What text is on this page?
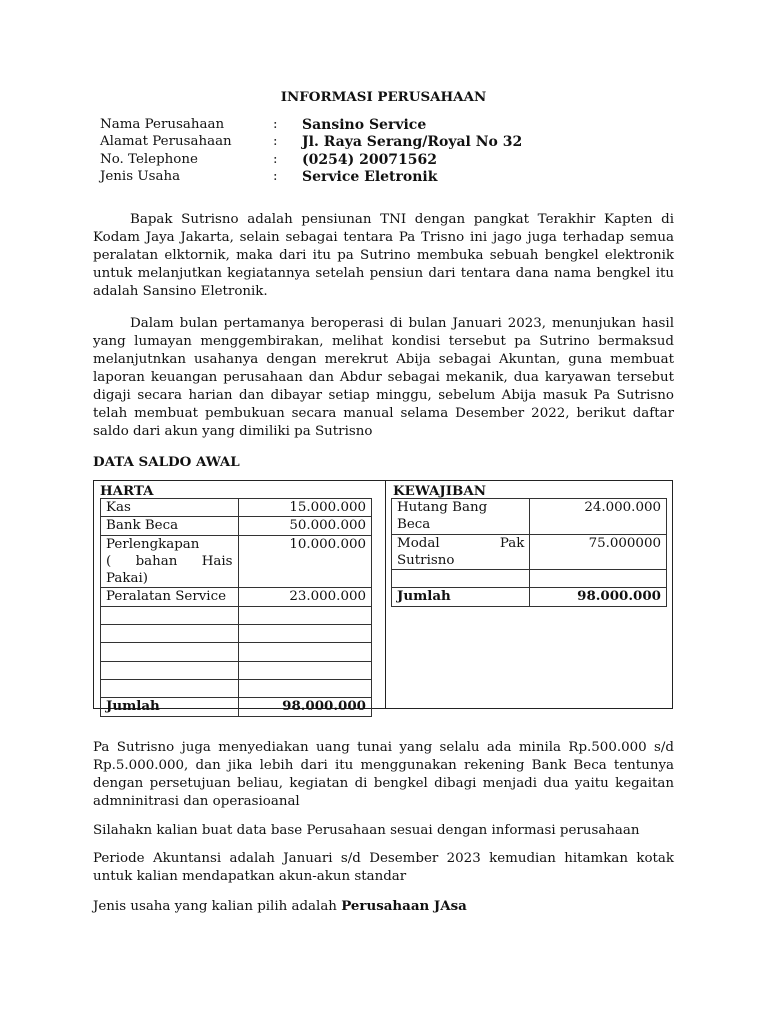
INFORMASI PERUSAHAAN
Nama Perusahaan	:	Sansino Service
Alamat Perusahaan	:	Jl. Raya Serang/Royal No 32
No. Telephone	:	(0254) 20071562
Jenis Usaha	:	Service Eletronik

Bapak Sutrisno adalah pensiunan TNI dengan pangkat Terakhir Kapten di Kodam Jaya Jakarta, selain sebagai tentara Pa Trisno ini jago juga terhadap semua peralatan elktornik, maka dari itu pa Sutrino membuka sebuah bengkel elektronik untuk melanjutkan kegiatannya setelah pensiun dari tentara dana nama bengkel itu adalah Sansino Eletronik.

Dalam bulan pertamanya beroperasi di bulan Januari 2023, menunjukan hasil yang lumayan menggembirakan, melihat kondisi tersebut pa Sutrino bermaksud melanjutnkan usahanya dengan merekrut Abija sebagai Akuntan, guna membuat laporan keuangan perusahaan dan Abdur sebagai mekanik, dua karyawan tersebut digaji secara harian dan dibayar setiap minggu, sebelum Abija masuk Pa Sutrisno telah membuat pembukuan secara manual selama Desember 2022, berikut daftar saldo dari akun yang dimiliki pa Sutrisno

DATA SALDO AWAL
HARTA	KEWAJIBAN
Kas	15.000.000
Bank Beca	50.000.000

Perlengkapan
( bahan Hais
Pakai)	10.000.000
Peralatan Service	23.000.000

Jumlah	98.000.000
Hutang Bang Beca	24.000.000

Modal Pak
Sutrisno	75.000000

Jumlah	98.000.000

Pa Sutrisno juga menyediakan uang tunai yang selalu ada minila Rp.500.000 s/d Rp.5.000.000, dan jika lebih dari itu menggunakan rekening Bank Beca tentunya dengan persetujuan beliau, kegiatan di bengkel dibagi menjadi dua yaitu kegaitan admninitrasi dan operasioanal

Silahakn kalian buat data base Perusahaan sesuai dengan informasi perusahaan

Periode Akuntansi adalah Januari s/d Desember 2023 kemudian hitamkan kotak untuk kalian mendapatkan akun-akun standar

Jenis usaha yang kalian pilih adalah Perusahaan JAsa
